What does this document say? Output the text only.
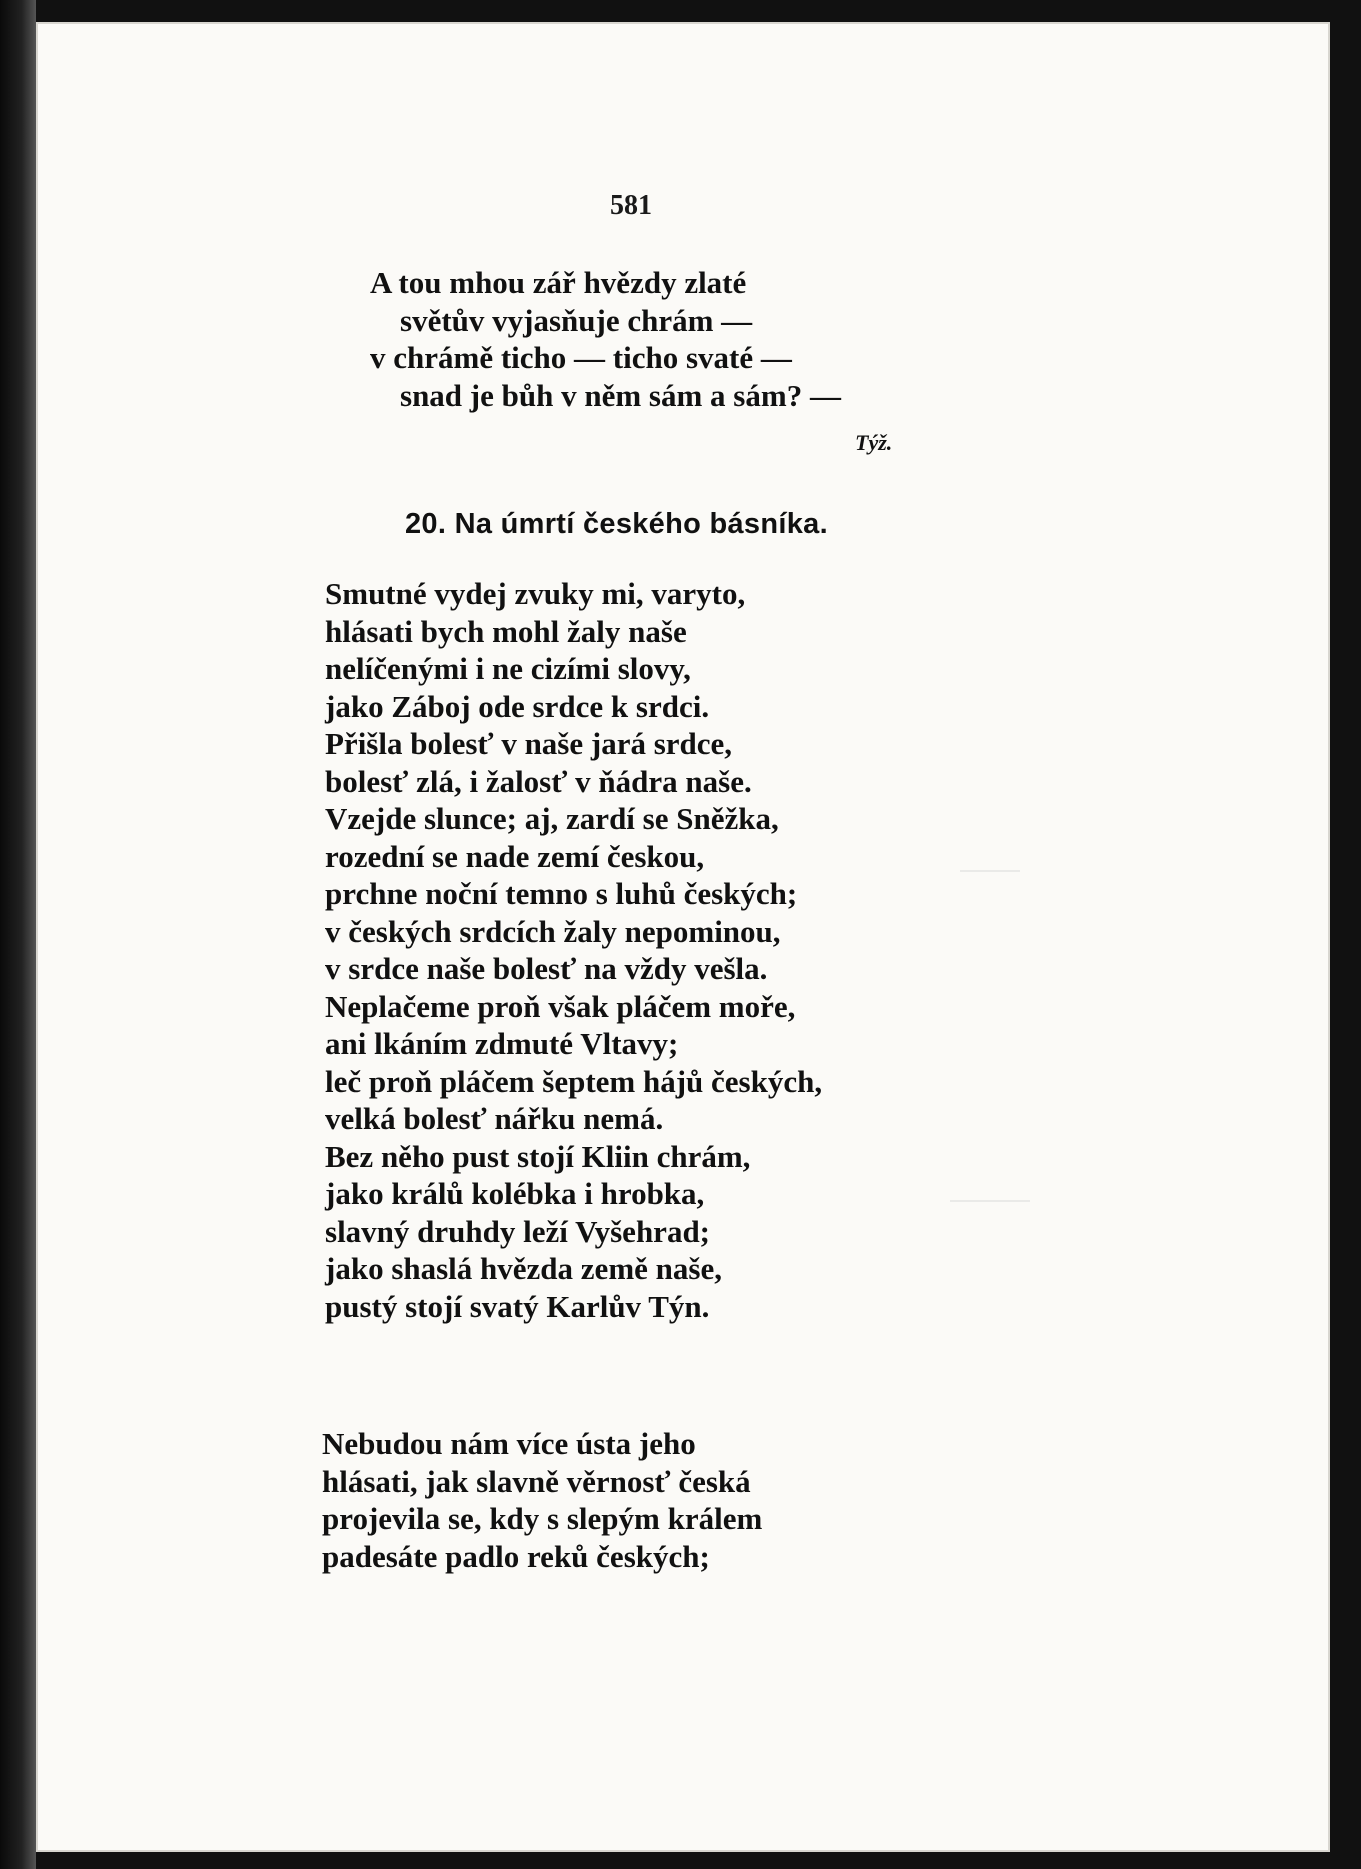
581
A tou mhou zář hvězdy zlaté
světův vyjasňuje chrám —
v chrámě ticho — ticho svaté —
snad je bůh v něm sám a sám? —
Týž.
20. Na úmrtí českého básníka.
Smutné vydej zvuky mi, varyto,
hlásati bych mohl žaly naše
nelíčenými i ne cizími slovy,
jako Záboj ode srdce k srdci.
Přišla bolesť v naše jará srdce,
bolesť zlá, i žalosť v ňádra naše.
Vzejde slunce; aj, zardí se Sněžka,
rozední se nade zemí českou,
prchne noční temno s luhů českých;
v českých srdcích žaly nepominou,
v srdce naše bolesť na vždy vešla.
Neplačeme proň však pláčem moře,
ani lkáním zdmuté Vltavy;
leč proň pláčem šeptem hájů českých,
velká bolesť nářku nemá.
Bez něho pust stojí Kliin chrám,
jako králů kolébka i hrobka,
slavný druhdy leží Vyšehrad;
jako shaslá hvězda země naše,
pustý stojí svatý Karlův Týn.
Nebudou nám více ústa jeho
hlásati, jak slavně věrnosť česká
projevila se, kdy s slepým králem
padesáte padlo reků českých;
